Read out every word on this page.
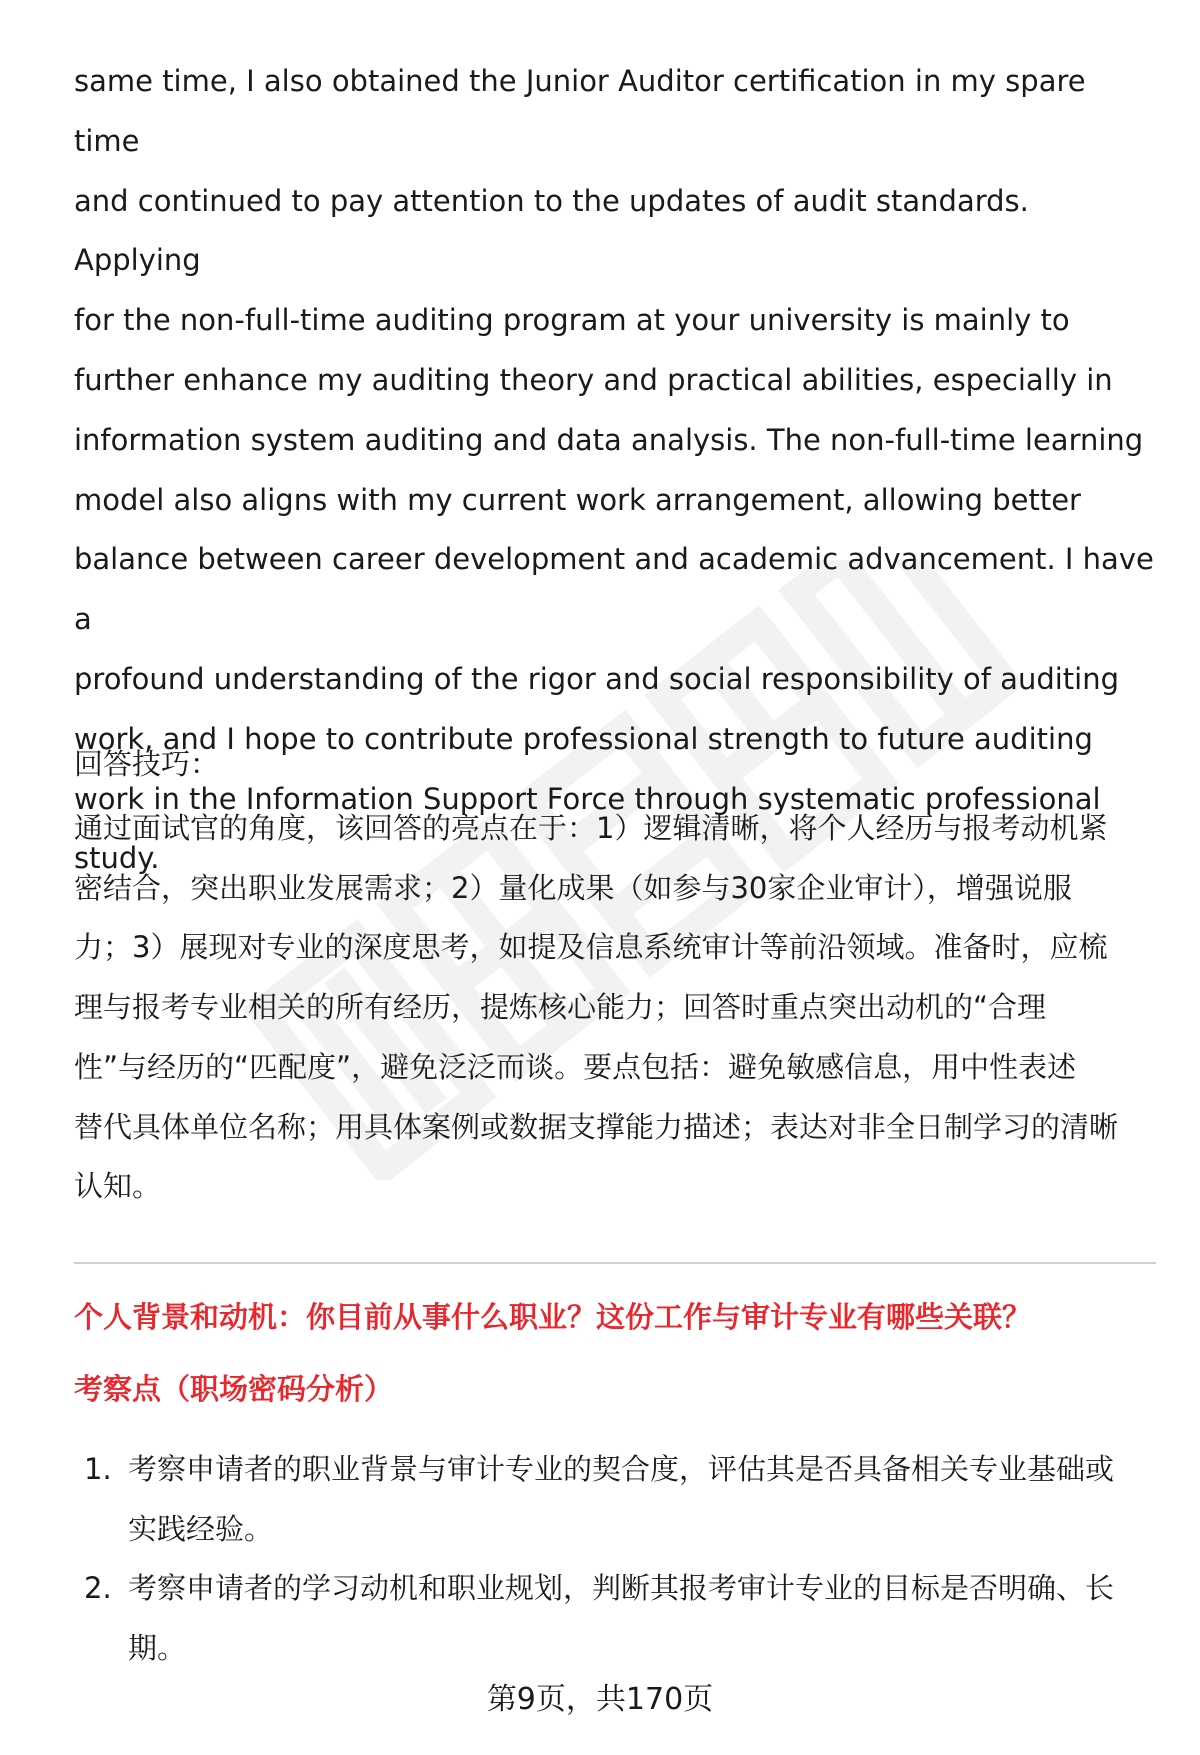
same time, I also obtained the Junior Auditor certification in my spare time
and continued to pay attention to the updates of audit standards. Applying
for the non-full-time auditing program at your university is mainly to
further enhance my auditing theory and practical abilities, especially in
information system auditing and data analysis. The non-full-time learning
model also aligns with my current work arrangement, allowing better
balance between career development and academic advancement. I have a
profound understanding of the rigor and social responsibility of auditing
work, and I hope to contribute professional strength to future auditing
work in the Information Support Force through systematic professional
study.

回答技巧：

通过面试官的角度，该回答的亮点在于：1）逻辑清晰，将个人经历与报考动机紧
密结合，突出职业发展需求；2）量化成果（如参与30家企业审计），增强说服
力；3）展现对专业的深度思考，如提及信息系统审计等前沿领域。准备时，应梳
理与报考专业相关的所有经历，提炼核心能力；回答时重点突出动机的“合理
性”与经历的“匹配度”，避免泛泛而谈。要点包括：避免敏感信息，用中性表述
替代具体单位名称；用具体案例或数据支撑能力描述；表达对非全日制学习的清晰
认知。

个人背景和动机：你目前从事什么职业？这份工作与审计专业有哪些关联？

考察点（职场密码分析）

1. 考察申请者的职业背景与审计专业的契合度，评估其是否具备相关专业基础或
实践经验。
2. 考察申请者的学习动机和职业规划，判断其报考审计专业的目标是否明确、长
期。

第9页，共170页
